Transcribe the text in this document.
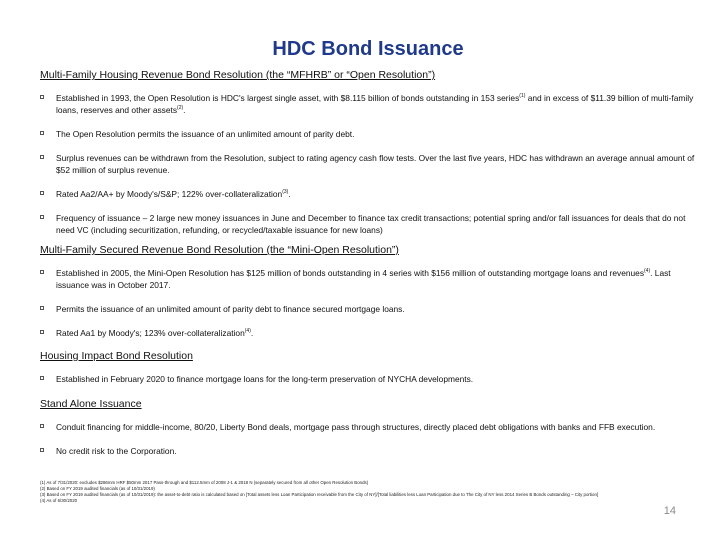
HDC Bond Issuance

Multi-Family Housing Revenue Bond Resolution (the “MFHRB” or “Open Resolution”)

Established in 1993, the Open Resolution is HDC's largest single asset, with $8.115 billion of bonds outstanding in 153 series$^{(1)}$ and in excess of $11.39 billion of multi-family loans, reserves and other assets$^{(2)}$.
The Open Resolution permits the issuance of an unlimited amount of parity debt.
Surplus revenues can be withdrawn from the Resolution, subject to rating agency cash flow tests. Over the last five years, HDC has withdrawn an average annual amount of $52 million of surplus revenue.
Rated Aa2/AA+ by Moody's/S&P; 122% over-collateralization$^{(3)}$.
Frequency of issuance – 2 large new money issuances in June and December to finance tax credit transactions; potential spring and/or fall issuances for deals that do not need VC (including securitization, refunding, or recycled/taxable issuance for new loans)

Multi-Family Secured Revenue Bond Resolution (the “Mini-Open Resolution”)

Established in 2005, the Mini-Open Resolution has $125 million of bonds outstanding in 4 series with $156 million of outstanding mortgage loans and revenues$^{(4)}$. Last issuance was in October 2017.
Permits the issuance of an unlimited amount of parity debt to finance secured mortgage loans.
Rated Aa1 by Moody's; 123% over-collateralization$^{(4)}$.

Housing Impact Bond Resolution

Established in February 2020 to finance mortgage loans for the long-term preservation of NYCHA developments.

Stand Alone Issuance

Conduit financing for middle-income, 80/20, Liberty Bond deals, mortgage pass through structures, directly placed debt obligations with banks and FFB execution.
No credit risk to the Corporation.
(1) As of 7/31/2020: excludes $286mm HRF $50mm 2017 Pass-through and $112.5mm of 2008 J-1 & 2018 N (separately secured from all other Open Resolution Bonds)
(2) Based on FY 2019 audited financials (as of 10/31/2019)
(3) Based on FY 2019 audited financials (as of 10/31/2019): the asset-to-debt ratio is calculated based on [Total assets less Loan Participation receivable from the City of NY]/[Total liabilities less Loan Participation due to The City of NY less 2014 Series B Bonds outstanding – City portion]
(4) As of 6/30/2020
14
